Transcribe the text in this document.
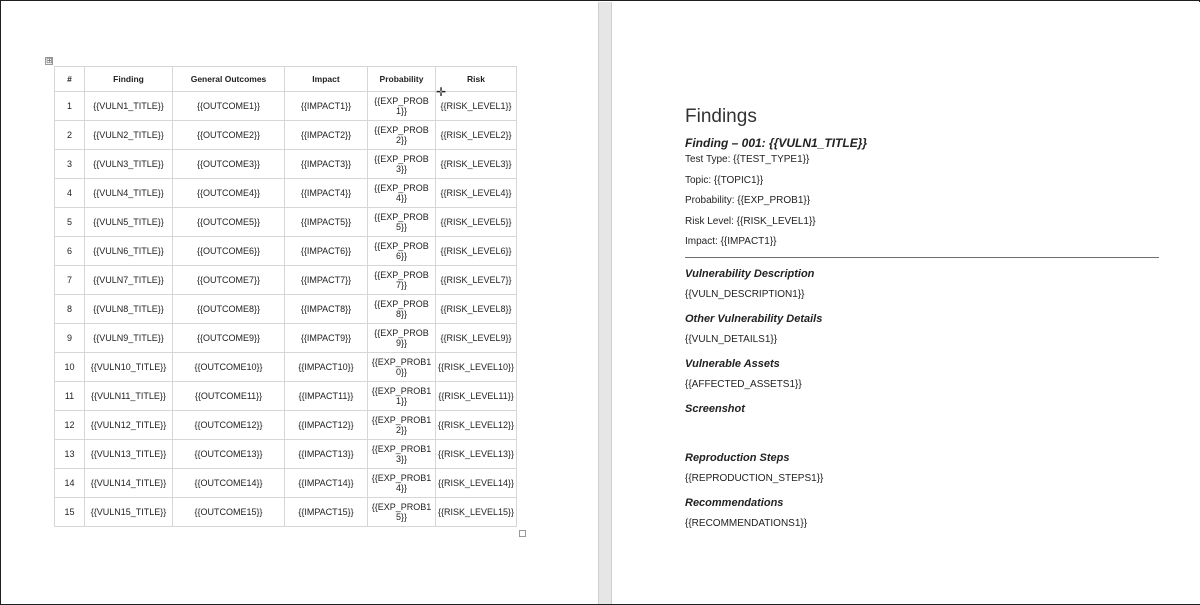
⊞
#	Finding	General Outcomes	Impact	Probability	Risk
1	{{VULN1_TITLE}}	{{OUTCOME1}}	{{IMPACT1}}	{{EXP_PROB1}}	{{RISK_LEVEL1}}
2	{{VULN2_TITLE}}	{{OUTCOME2}}	{{IMPACT2}}	{{EXP_PROB2}}	{{RISK_LEVEL2}}
3	{{VULN3_TITLE}}	{{OUTCOME3}}	{{IMPACT3}}	{{EXP_PROB3}}	{{RISK_LEVEL3}}
4	{{VULN4_TITLE}}	{{OUTCOME4}}	{{IMPACT4}}	{{EXP_PROB4}}	{{RISK_LEVEL4}}
5	{{VULN5_TITLE}}	{{OUTCOME5}}	{{IMPACT5}}	{{EXP_PROB5}}	{{RISK_LEVEL5}}
6	{{VULN6_TITLE}}	{{OUTCOME6}}	{{IMPACT6}}	{{EXP_PROB6}}	{{RISK_LEVEL6}}
7	{{VULN7_TITLE}}	{{OUTCOME7}}	{{IMPACT7}}	{{EXP_PROB7}}	{{RISK_LEVEL7}}
8	{{VULN8_TITLE}}	{{OUTCOME8}}	{{IMPACT8}}	{{EXP_PROB8}}	{{RISK_LEVEL8}}
9	{{VULN9_TITLE}}	{{OUTCOME9}}	{{IMPACT9}}	{{EXP_PROB9}}	{{RISK_LEVEL9}}
10	{{VULN10_TITLE}}	{{OUTCOME10}}	{{IMPACT10}}	{{EXP_PROB10}}	{{RISK_LEVEL10}}
11	{{VULN11_TITLE}}	{{OUTCOME11}}	{{IMPACT11}}	{{EXP_PROB11}}	{{RISK_LEVEL11}}
12	{{VULN12_TITLE}}	{{OUTCOME12}}	{{IMPACT12}}	{{EXP_PROB12}}	{{RISK_LEVEL12}}
13	{{VULN13_TITLE}}	{{OUTCOME13}}	{{IMPACT13}}	{{EXP_PROB13}}	{{RISK_LEVEL13}}
14	{{VULN14_TITLE}}	{{OUTCOME14}}	{{IMPACT14}}	{{EXP_PROB14}}	{{RISK_LEVEL14}}
15	{{VULN15_TITLE}}	{{OUTCOME15}}	{{IMPACT15}}	{{EXP_PROB15}}	{{RISK_LEVEL15}}
✛
Findings
Finding – 001: {{VULN1_TITLE}}
Test Type: {{TEST_TYPE1}}
Topic: {{TOPIC1}}
Probability: {{EXP_PROB1}}
Risk Level: {{RISK_LEVEL1}}
Impact: {{IMPACT1}}
Vulnerability Description
{{VULN_DESCRIPTION1}}
Other Vulnerability Details
{{VULN_DETAILS1}}
Vulnerable Assets
{{AFFECTED_ASSETS1}}
Screenshot
Reproduction Steps
{{REPRODUCTION_STEPS1}}
Recommendations
{{RECOMMENDATIONS1}}
